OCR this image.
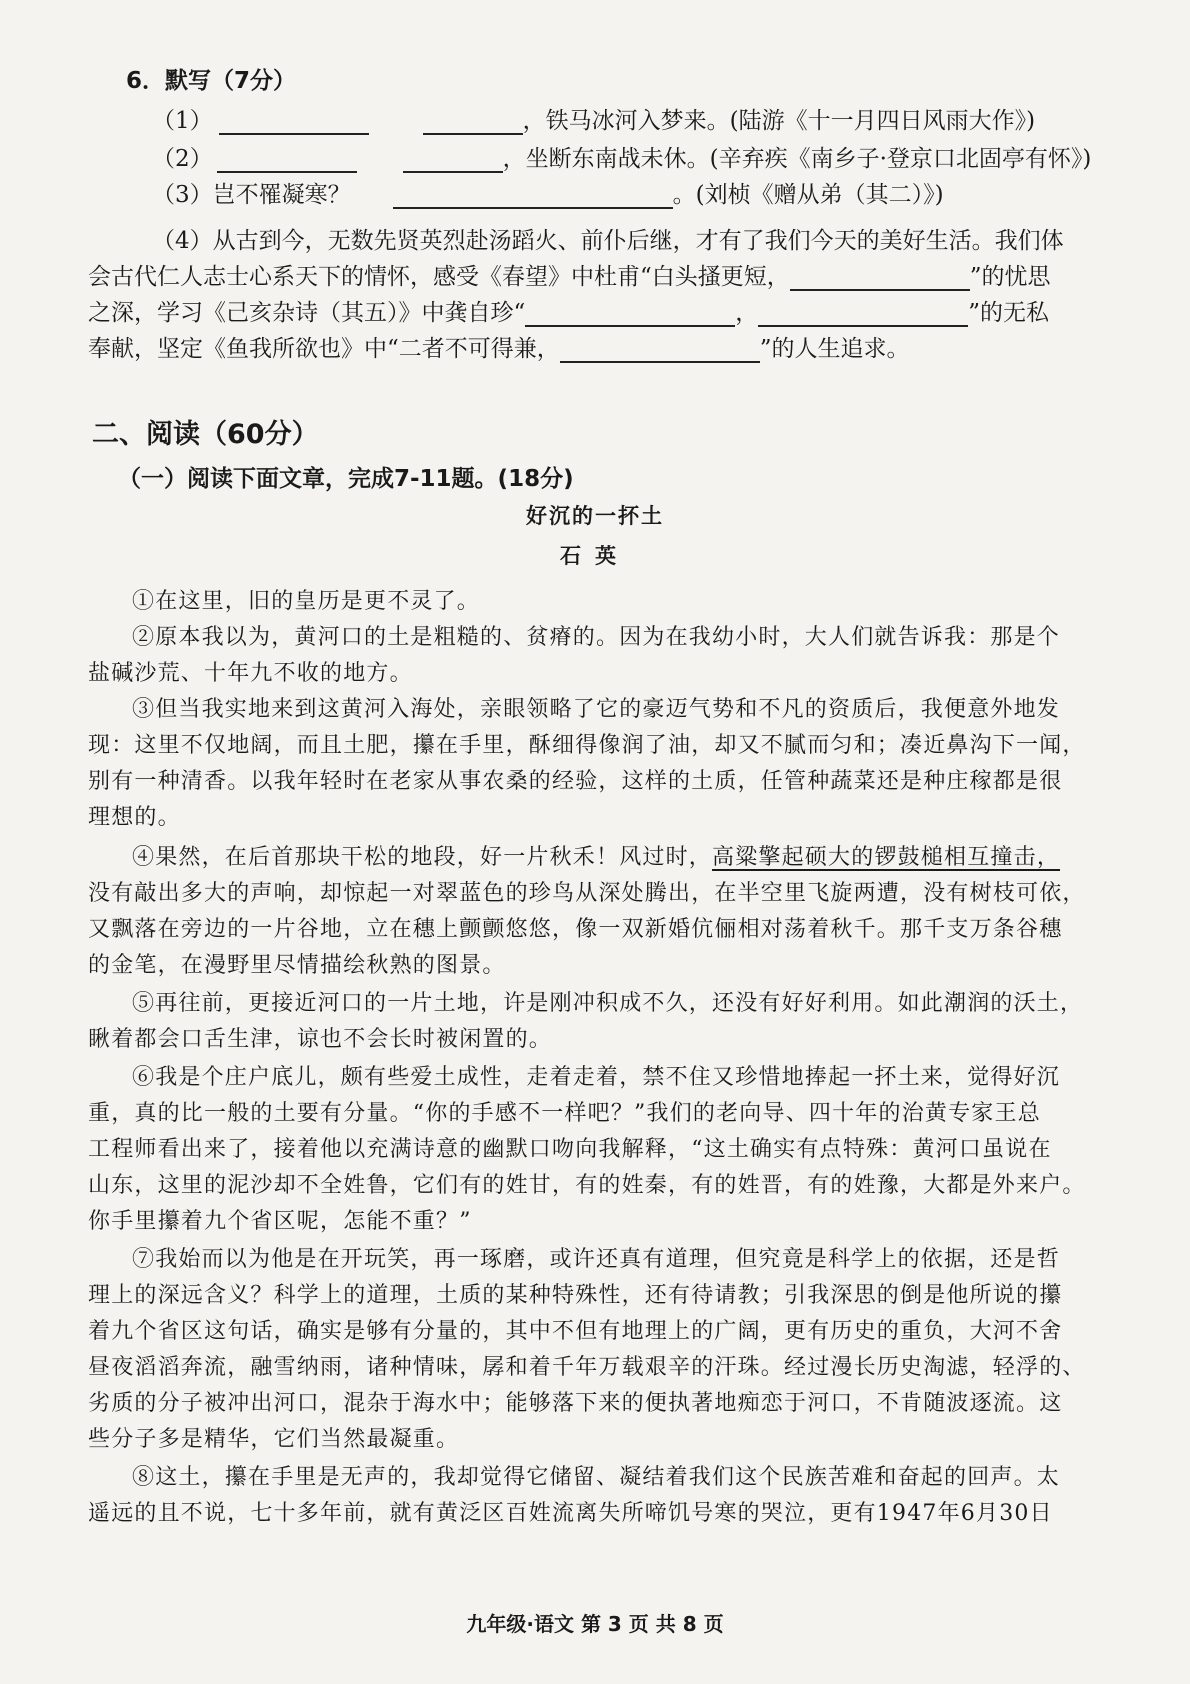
6．默写（7分）
（1）	，铁马冰河入梦来。(陆游《十一月四日风雨大作》)
（2）	，坐断东南战未休。(辛弃疾《南乡子·登京口北固亭有怀》)
（3）岂不罹凝寒？	。(刘桢《赠从弟（其二）》)
（4）从古到今，无数先贤英烈赴汤蹈火、前仆后继，才有了我们今天的美好生活。我们体
会古代仁人志士心系天下的情怀，感受《春望》中杜甫“白头搔更短，	”的忧思
之深，学习《己亥杂诗（其五）》中龚自珍“	，	”的无私
奉献，坚定《鱼我所欲也》中“二者不可得兼，	”的人生追求。
二、阅读（60分）
（一）阅读下面文章，完成7-11题。(18分)
好沉的一抔土
石英
①在这里，旧的皇历是更不灵了。
②原本我以为，黄河口的土是粗糙的、贫瘠的。因为在我幼小时，大人们就告诉我：那是个
盐碱沙荒、十年九不收的地方。
③但当我实地来到这黄河入海处，亲眼领略了它的豪迈气势和不凡的资质后，我便意外地发
现：这里不仅地阔，而且土肥，攥在手里，酥细得像润了油，却又不腻而匀和；凑近鼻沟下一闻，
别有一种清香。以我年轻时在老家从事农桑的经验，这样的土质，任管种蔬菜还是种庄稼都是很
理想的。
④果然，在后首那块干松的地段，好一片秋禾！风过时，高粱擎起硕大的锣鼓槌相互撞击，
没有敲出多大的声响，却惊起一对翠蓝色的珍鸟从深处腾出，在半空里飞旋两遭，没有树枝可依，
又飘落在旁边的一片谷地，立在穗上颤颤悠悠，像一双新婚伉俪相对荡着秋千。那千支万条谷穗
的金笔，在漫野里尽情描绘秋熟的图景。
⑤再往前，更接近河口的一片土地，许是刚冲积成不久，还没有好好利用。如此潮润的沃土，
瞅着都会口舌生津，谅也不会长时被闲置的。
⑥我是个庄户底儿，颇有些爱土成性，走着走着，禁不住又珍惜地捧起一抔土来，觉得好沉
重，真的比一般的土要有分量。“你的手感不一样吧？”我们的老向导、四十年的治黄专家王总
工程师看出来了，接着他以充满诗意的幽默口吻向我解释，“这土确实有点特殊：黄河口虽说在
山东，这里的泥沙却不全姓鲁，它们有的姓甘，有的姓秦，有的姓晋，有的姓豫，大都是外来户。
你手里攥着九个省区呢，怎能不重？”
⑦我始而以为他是在开玩笑，再一琢磨，或许还真有道理，但究竟是科学上的依据，还是哲
理上的深远含义？科学上的道理，土质的某种特殊性，还有待请教；引我深思的倒是他所说的攥
着九个省区这句话，确实是够有分量的，其中不但有地理上的广阔，更有历史的重负，大河不舍
昼夜滔滔奔流，融雪纳雨，诸种情味，孱和着千年万载艰辛的汗珠。经过漫长历史淘滤，轻浮的、
劣质的分子被冲出河口，混杂于海水中；能够落下来的便执著地痴恋于河口，不肯随波逐流。这
些分子多是精华，它们当然最凝重。
⑧这土，攥在手里是无声的，我却觉得它储留、凝结着我们这个民族苦难和奋起的回声。太
遥远的且不说，七十多年前，就有黄泛区百姓流离失所啼饥号寒的哭泣，更有1947年6月30日
九年级·语文 第 3 页 共 8 页
